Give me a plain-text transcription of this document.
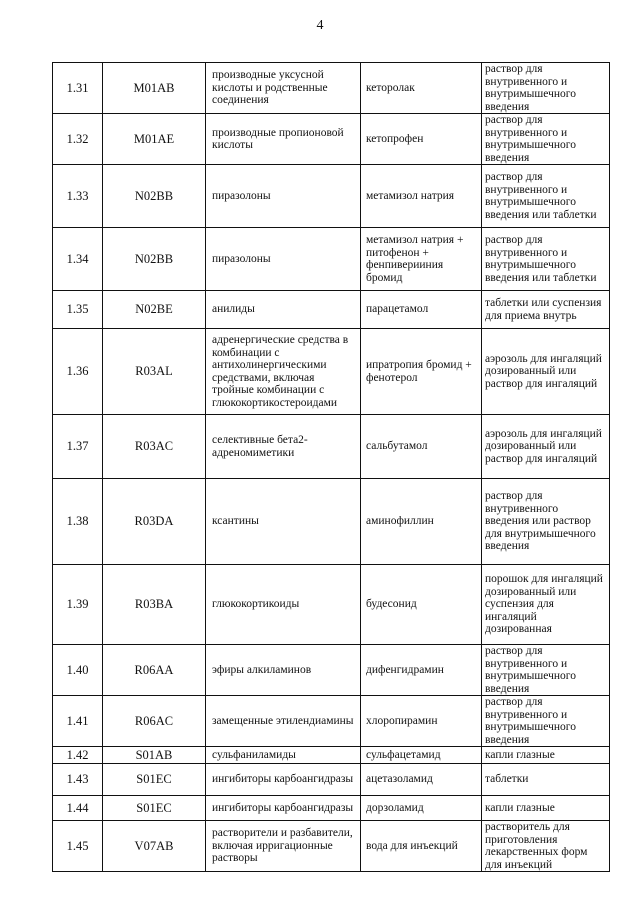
4
1.31	M01AB	производные уксусной кислоты и родственные соединения	кеторолак	раствор для внутривенного и внутримышечного введения
1.32	M01AE	производные пропионовой кислоты	кетопрофен	раствор для внутривенного и внутримышечного введения
1.33	N02BB	пиразолоны	метамизол натрия	раствор для внутривенного и внутримышечного введения или таблетки
1.34	N02BB	пиразолоны	метамизол натрия + питофенон + фенпиверииния бромид	раствор для внутривенного и внутримышечного введения или таблетки
1.35	N02BE	анилиды	парацетамол	таблетки или суспензия для приема внутрь
1.36	R03AL	адренергические средства в комбинации с антихолинергическими средствами, включая тройные комбинации с глюкокортикостероидами	ипратропия бромид + фенотерол	аэрозоль для ингаляций дозированный или раствор для ингаляций
1.37	R03AC	селективные бета2-адреномиметики	сальбутамол	аэрозоль для ингаляций дозированный или раствор для ингаляций
1.38	R03DA	ксантины	аминофиллин	раствор для внутривенного введения или раствор для внутримышечного введения
1.39	R03BA	глюкокортикоиды	будесонид	порошок для ингаляций дозированный или суспензия для ингаляций дозированная
1.40	R06AA	эфиры алкиламинов	дифенгидрамин	раствор для внутривенного и внутримышечного введения
1.41	R06AC	замещенные этилендиамины	хлоропирамин	раствор для внутривенного и внутримышечного введения
1.42	S01AB	сульфаниламиды	сульфацетамид	капли глазные
1.43	S01EC	ингибиторы карбоангидразы	ацетазоламид	таблетки
1.44	S01EC	ингибиторы карбоангидразы	дорзоламид	капли глазные
1.45	V07AB	растворители и разбавители, включая ирригационные растворы	вода для инъекций	растворитель для приготовления лекарственных форм для инъекций
